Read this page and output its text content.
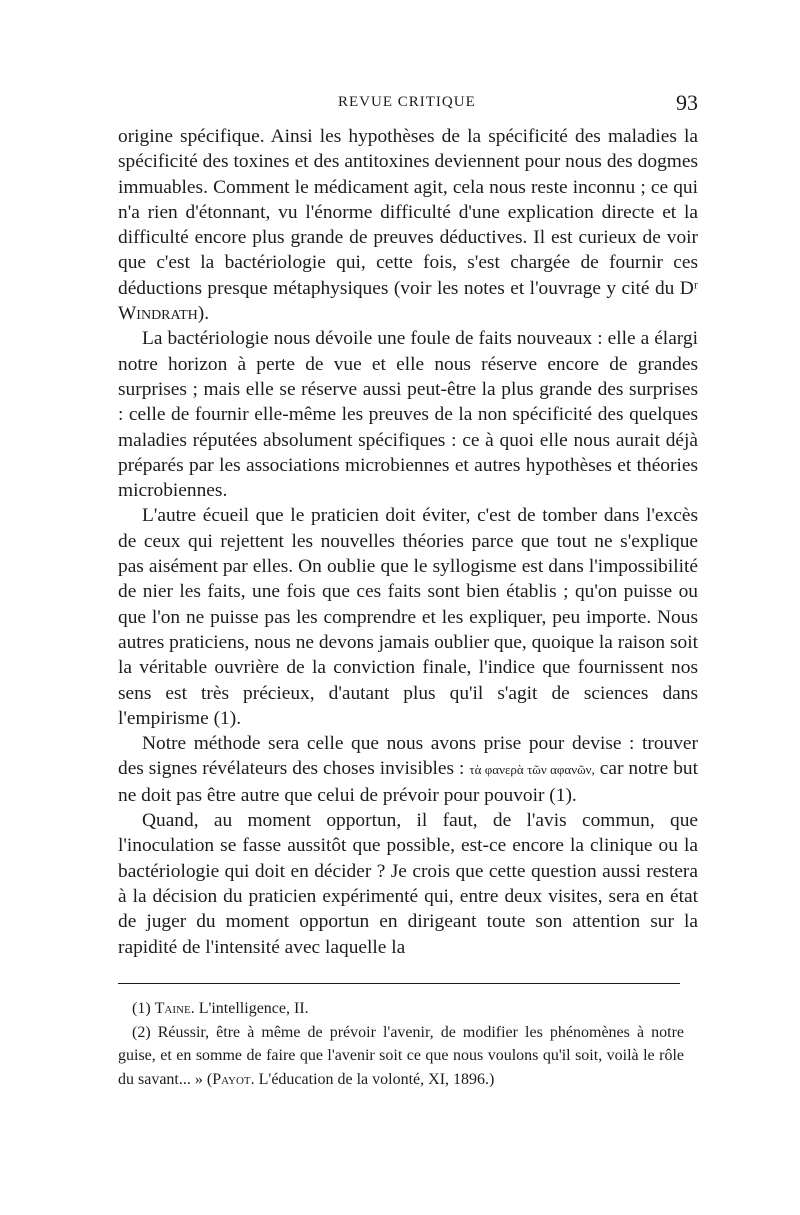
REVUE CRITIQUE	93

origine spécifique. Ainsi les hypothèses de la spécificité des maladies la spécificité des toxines et des antitoxines deviennent pour nous des dogmes immuables. Comment le médicament agit, cela nous reste inconnu ; ce qui n'a rien d'étonnant, vu l'énorme difficulté d'une explication directe et la difficulté encore plus grande de preuves déductives. Il est curieux de voir que c'est la bactériologie qui, cette fois, s'est chargée de fournir ces déductions presque métaphysiques (voir les notes et l'ouvrage y cité du Dʳ Windrath).

La bactériologie nous dévoile une foule de faits nouveaux : elle a élargi notre horizon à perte de vue et elle nous réserve encore de grandes surprises ; mais elle se réserve aussi peut-être la plus grande des surprises : celle de fournir elle-même les preuves de la non spécificité des quelques maladies réputées absolument spécifiques : ce à quoi elle nous aurait déjà préparés par les associations microbiennes et autres hypothèses et théories microbiennes.

L'autre écueil que le praticien doit éviter, c'est de tomber dans l'excès de ceux qui rejettent les nouvelles théories parce que tout ne s'explique pas aisément par elles. On oublie que le syllogisme est dans l'impossibilité de nier les faits, une fois que ces faits sont bien établis ; qu'on puisse ou que l'on ne puisse pas les comprendre et les expliquer, peu importe. Nous autres praticiens, nous ne devons jamais oublier que, quoique la raison soit la véritable ouvrière de la conviction finale, l'indice que fournissent nos sens est très précieux, d'autant plus qu'il s'agit de sciences dans l'empirisme (1).

Notre méthode sera celle que nous avons prise pour devise : trouver des signes révélateurs des choses invisibles : τὰ φανερὰ τῶν αφανῶν, car notre but ne doit pas être autre que celui de prévoir pour pouvoir (1).

Quand, au moment opportun, il faut, de l'avis commun, que l'inoculation se fasse aussitôt que possible, est-ce encore la clinique ou la bactériologie qui doit en décider ? Je crois que cette question aussi restera à la décision du praticien expérimenté qui, entre deux visites, sera en état de juger du moment opportun en dirigeant toute son attention sur la rapidité de l'intensité avec laquelle la

(1) Taine. L'intelligence, II.

(2) Réussir, être à même de prévoir l'avenir, de modifier les phénomènes à notre guise, et en somme de faire que l'avenir soit ce que nous voulons qu'il soit, voilà le rôle du savant... » (Payot. L'éducation de la volonté, XI, 1896.)
